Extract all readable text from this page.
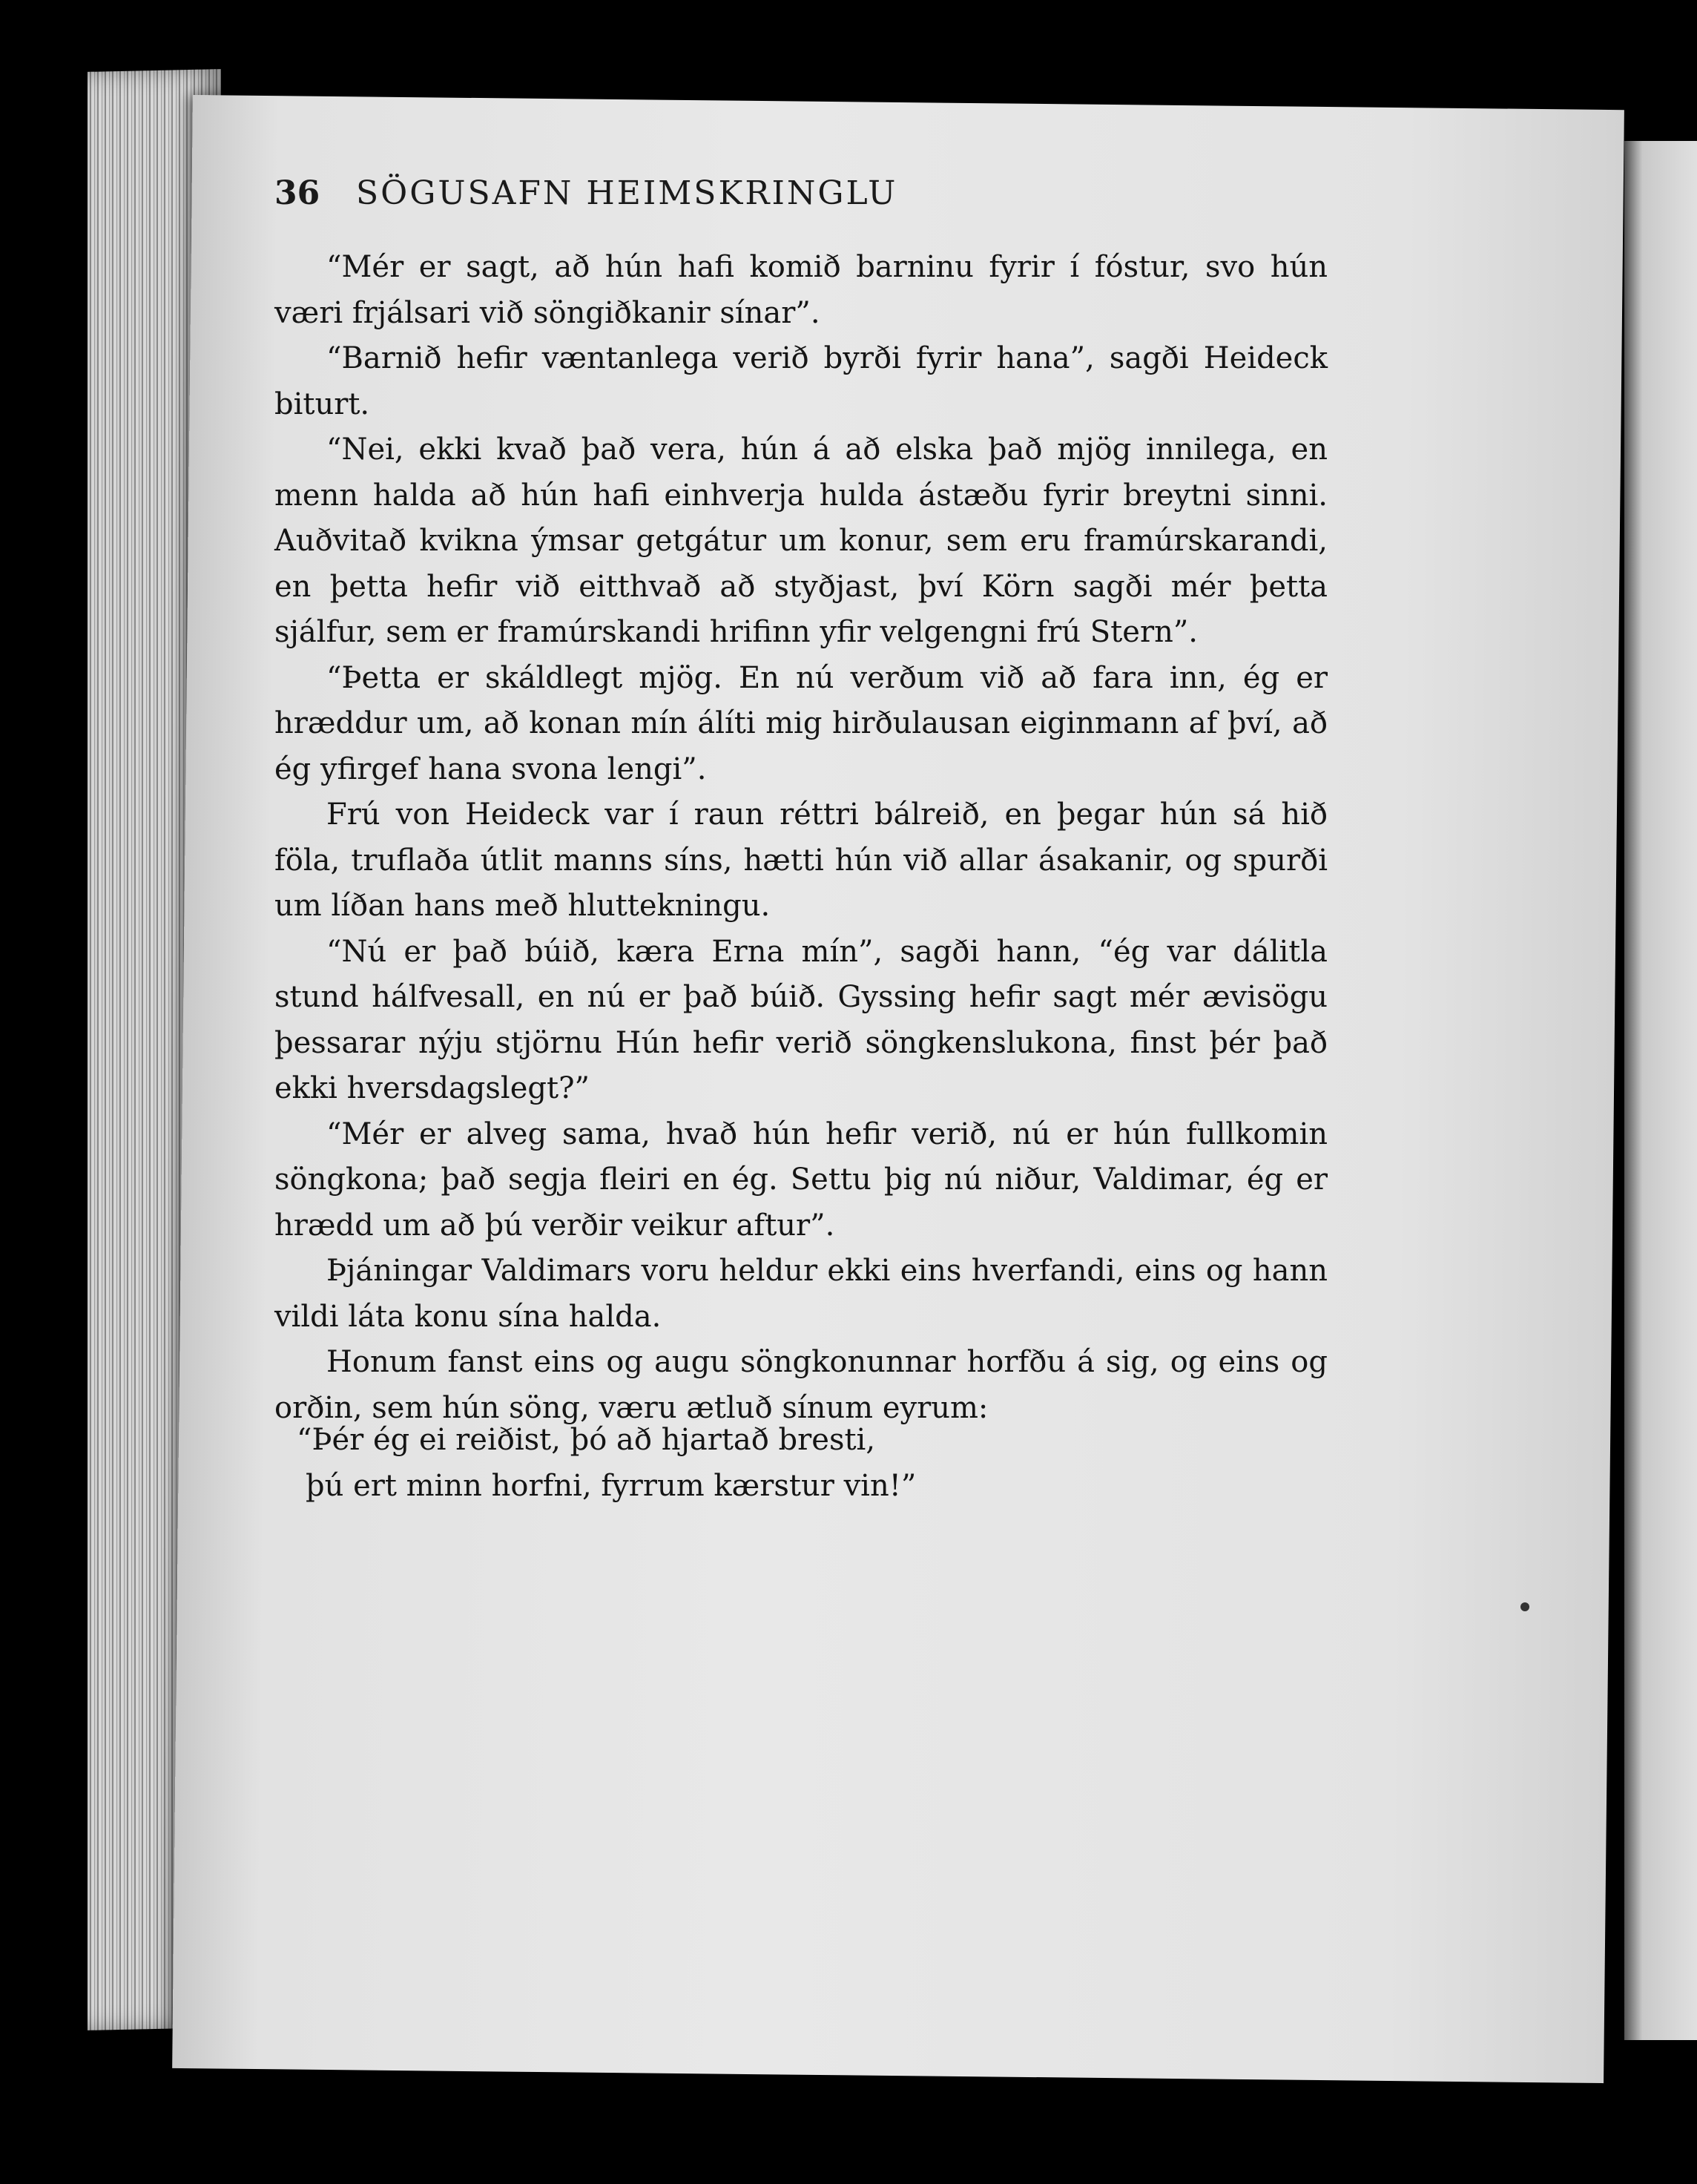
36 SÖGUSAFN HEIMSKRINGLU

“Mér er sagt, að hún hafi komið barninu fyrir í fóstur, svo hún væri frjálsari við söngiðkanir sínar”.

“Barnið hefir væntanlega verið byrði fyrir hana”, sagði Heideck biturt.

“Nei, ekki kvað það vera, hún á að elska það mjög innilega, en menn halda að hún hafi einhverja hulda ástæðu fyrir breytni sinni. Auðvitað kvikna ýmsar getgátur um konur, sem eru framúrskarandi, en þetta hefir við eitthvað að styðjast, því Körn sagði mér þetta sjálfur, sem er framúrskandi hrifinn yfir velgengni frú Stern”.

“Þetta er skáldlegt mjög. En nú verðum við að fara inn, ég er hræddur um, að konan mín álíti mig hirðulausan eiginmann af því, að ég yfirgef hana svona lengi”.

Frú von Heideck var í raun réttri bálreið, en þegar hún sá hið föla, truflaða útlit manns síns, hætti hún við allar ásakanir, og spurði um líðan hans með hluttekningu.

“Nú er það búið, kæra Erna mín”, sagði hann, “ég var dálitla stund hálfvesall, en nú er það búið. Gyssing hefir sagt mér ævisögu þessarar nýju stjörnu Hún hefir verið söngkenslukona, finst þér það ekki hversdagslegt?”

“Mér er alveg sama, hvað hún hefir verið, nú er hún fullkomin söngkona; það segja fleiri en ég. Settu þig nú niður, Valdimar, ég er hrædd um að þú verðir veikur aftur”.

Þjáningar Valdimars voru heldur ekki eins hverfandi, eins og hann vildi láta konu sína halda.

Honum fanst eins og augu söngkonunnar horfðu á sig, og eins og orðin, sem hún söng, væru ætluð sínum eyrum:

“Þér ég ei reiðist, þó að hjartað bresti,

þú ert minn horfni, fyrrum kærstur vin!”
